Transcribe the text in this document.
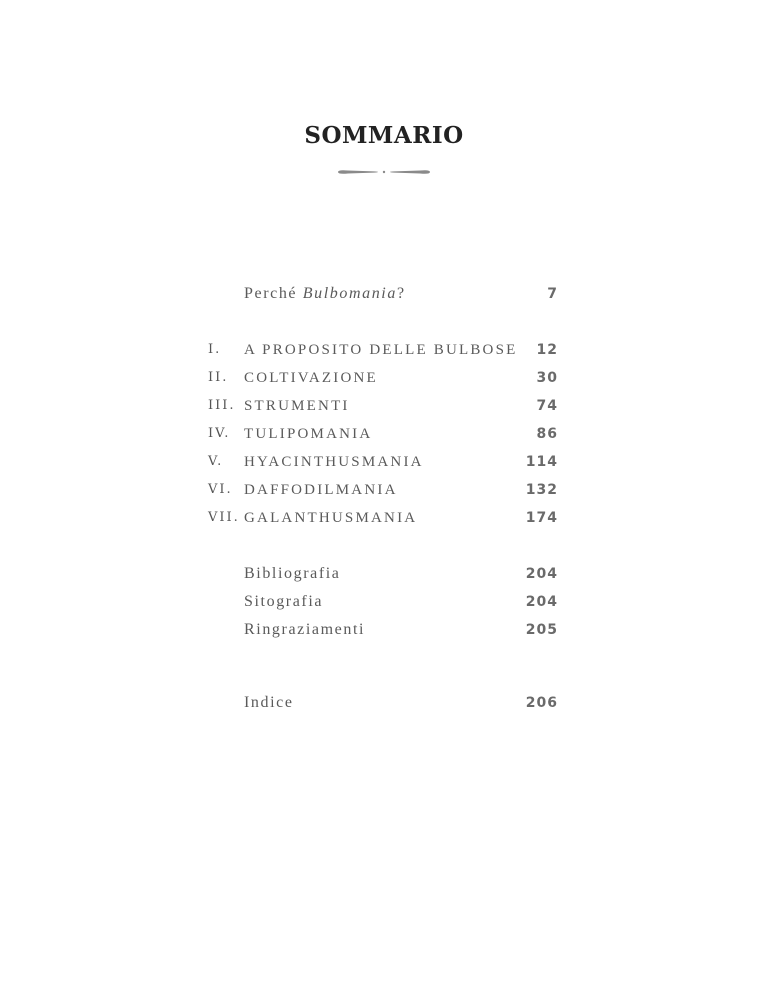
SOMMARIO
Perché Bulbomania?	7
I. A PROPOSITO DELLE BULBOSE 12
II. COLTIVAZIONE	30
III. STRUMENTI	74
IV. TULIPOMANIA	86
V. HYACINTHUSMANIA	114
VI. DAFFODILMANIA	132
VII. GALANTHUSMANIA	174
Bibliografia	204
Sitografia	204
Ringraziamenti	205
Indice	206
